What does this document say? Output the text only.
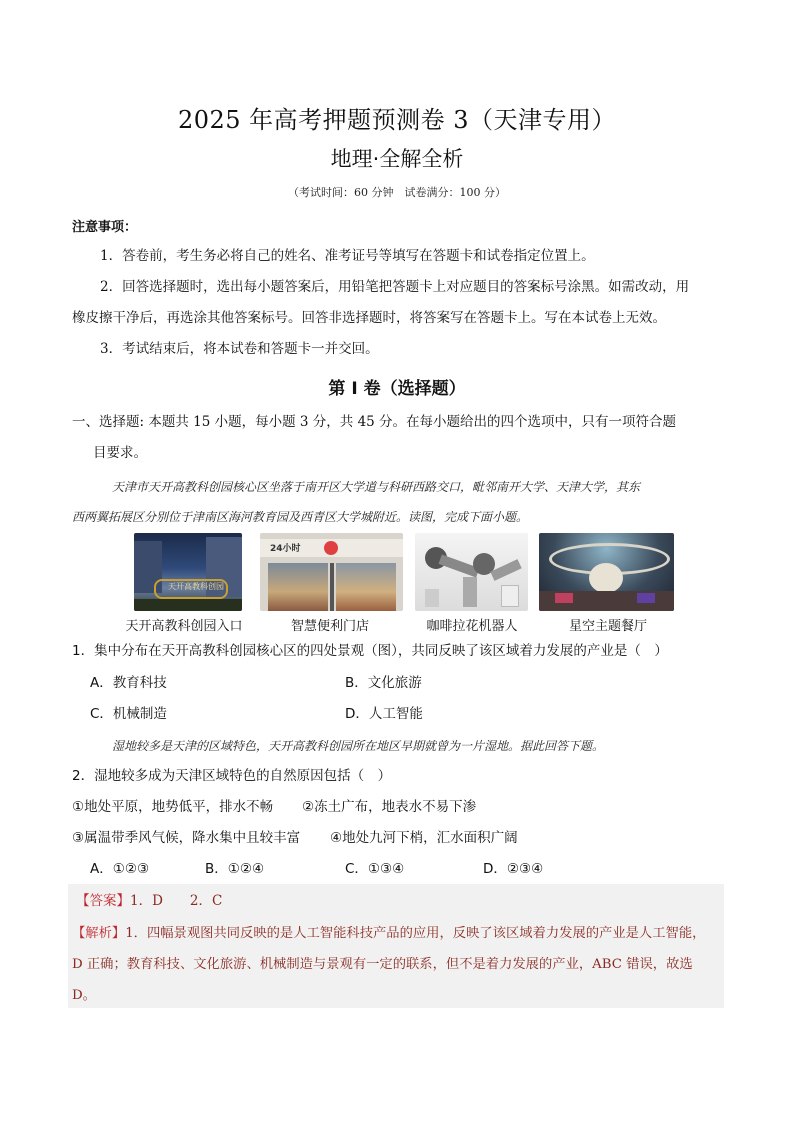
2025 年高考押题预测卷 3（天津专用）
地理·全解全析
（考试时间：60 分钟　试卷满分：100 分）
注意事项：
1．答卷前，考生务必将自己的姓名、准考证号等填写在答题卡和试卷指定位置上。
2．回答选择题时，选出每小题答案后，用铅笔把答题卡上对应题目的答案标号涂黑。如需改动，用
橡皮擦干净后，再选涂其他答案标号。回答非选择题时，将答案写在答题卡上。写在本试卷上无效。
3．考试结束后，将本试卷和答题卡一并交回。
第 I 卷（选择题）
一、选择题: 本题共 15 小题，每小题 3 分，共 45 分。在每小题给出的四个选项中，只有一项符合题
目要求。
天津市天开高教科创园核心区坐落于南开区大学道与科研西路交口，毗邻南开大学、天津大学，其东
西两翼拓展区分别位于津南区海河教育园及西青区大学城附近。读图，完成下面小题。
天开高教科创园
24小时
天开高教科创园入口	智慧便利门店	咖啡拉花机器人	星空主题餐厅
1．集中分布在天开高教科创园核心区的四处景观（图），共同反映了该区域着力发展的产业是（　）
A．教育科技	B．文化旅游
C．机械制造	D．人工智能
湿地较多是天津的区域特色，天开高教科创园所在地区早期就曾为一片湿地。据此回答下题。
2．湿地较多成为天津区域特色的自然原因包括（　）
①地处平原，地势低平，排水不畅 ②冻土广布，地表水不易下渗
③属温带季风气候，降水集中且较丰富 ④地处九河下梢，汇水面积广阔
A．①②③	B．①②④	C．①③④	D．②③④
【答案】1．D　　2．C
【解析】1．四幅景观图共同反映的是人工智能科技产品的应用，反映了该区域着力发展的产业是人工智能，
D 正确；教育科技、文化旅游、机械制造与景观有一定的联系，但不是着力发展的产业，ABC 错误，故选
D。
